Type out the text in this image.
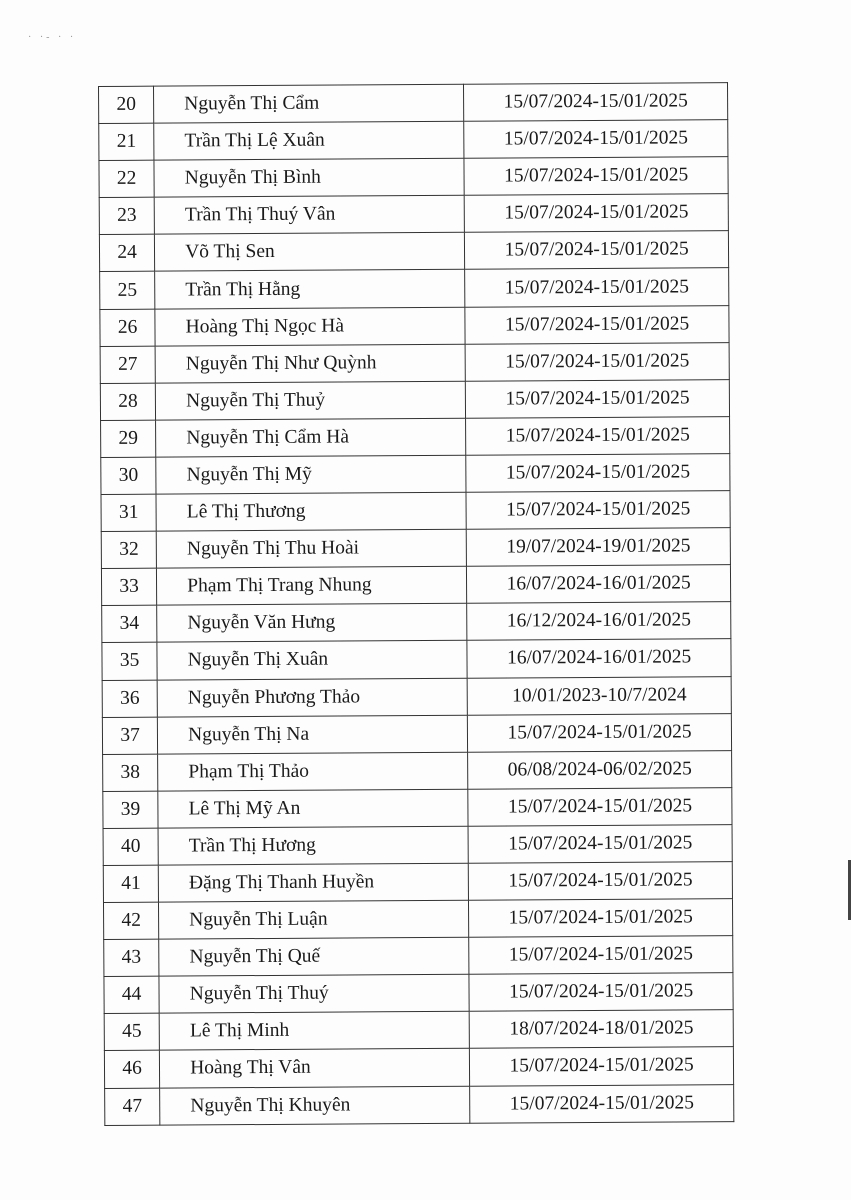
· ·- · ·
20	Nguyễn Thị Cẩm	15/07/2024-15/01/2025
21	Trần Thị Lệ Xuân	15/07/2024-15/01/2025
22	Nguyễn Thị Bình	15/07/2024-15/01/2025
23	Trần Thị Thuý Vân	15/07/2024-15/01/2025
24	Võ Thị Sen	15/07/2024-15/01/2025
25	Trần Thị Hằng	15/07/2024-15/01/2025
26	Hoàng Thị Ngọc Hà	15/07/2024-15/01/2025
27	Nguyễn Thị Như Quỳnh	15/07/2024-15/01/2025
28	Nguyễn Thị Thuỷ	15/07/2024-15/01/2025
29	Nguyễn Thị Cẩm Hà	15/07/2024-15/01/2025
30	Nguyễn Thị Mỹ	15/07/2024-15/01/2025
31	Lê Thị Thương	15/07/2024-15/01/2025
32	Nguyễn Thị Thu Hoài	19/07/2024-19/01/2025
33	Phạm Thị Trang Nhung	16/07/2024-16/01/2025
34	Nguyễn Văn Hưng	16/12/2024-16/01/2025
35	Nguyễn Thị Xuân	16/07/2024-16/01/2025
36	Nguyễn Phương Thảo	10/01/2023-10/7/2024
37	Nguyễn Thị Na	15/07/2024-15/01/2025
38	Phạm Thị Thảo	06/08/2024-06/02/2025
39	Lê Thị Mỹ An	15/07/2024-15/01/2025
40	Trần Thị Hương	15/07/2024-15/01/2025
41	Đặng Thị Thanh Huyền	15/07/2024-15/01/2025
42	Nguyễn Thị Luận	15/07/2024-15/01/2025
43	Nguyễn Thị Quế	15/07/2024-15/01/2025
44	Nguyễn Thị Thuý	15/07/2024-15/01/2025
45	Lê Thị Minh	18/07/2024-18/01/2025
46	Hoàng Thị Vân	15/07/2024-15/01/2025
47	Nguyễn Thị Khuyên	15/07/2024-15/01/2025
